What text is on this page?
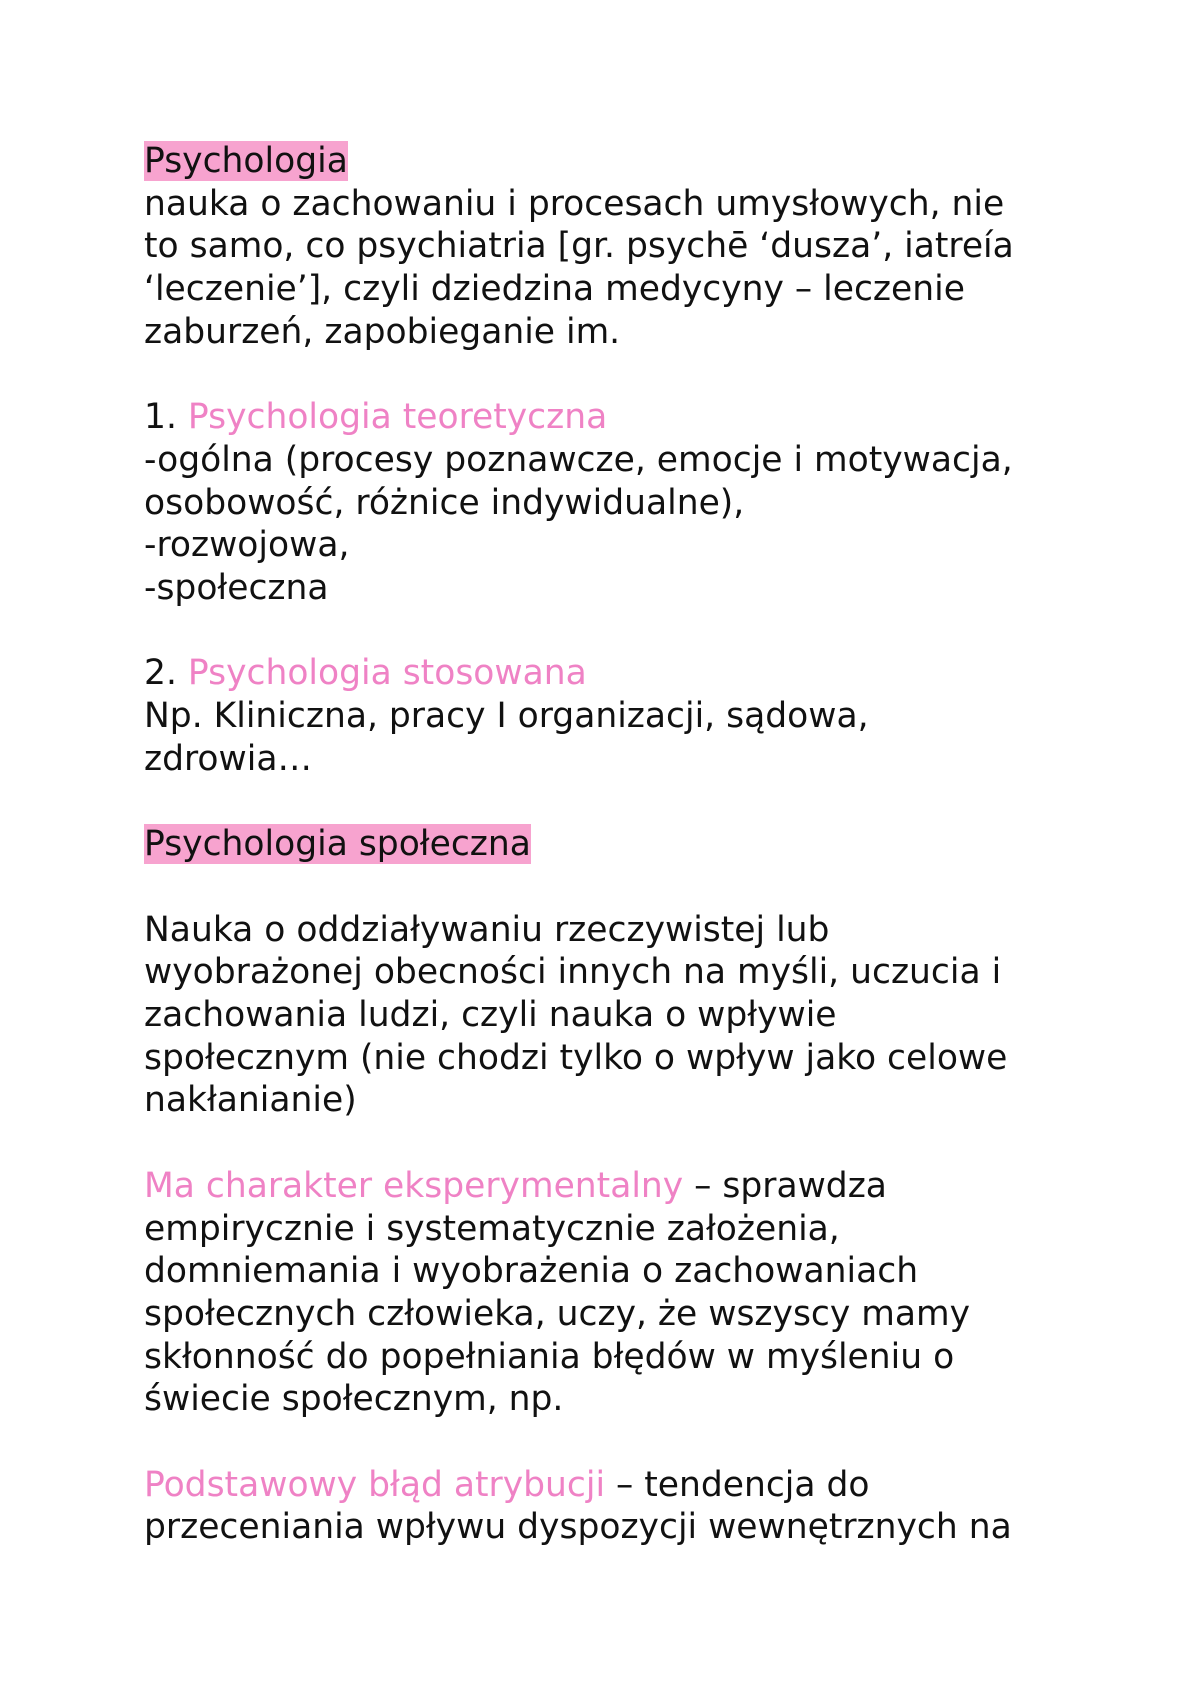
Psychologia
nauka o zachowaniu i procesach umysłowych, nie
to samo, co psychiatria [gr. psychē ‘dusza’, iatreía
‘leczenie’], czyli dziedzina medycyny – leczenie
zaburzeń, zapobieganie im.
1. Psychologia teoretyczna
-ogólna (procesy poznawcze, emocje i motywacja,
osobowość, różnice indywidualne),
-rozwojowa,
-społeczna
2. Psychologia stosowana
Np. Kliniczna, pracy I organizacji, sądowa,
zdrowia…
Psychologia społeczna
Nauka o oddziaływaniu rzeczywistej lub
wyobrażonej obecności innych na myśli, uczucia i
zachowania ludzi, czyli nauka o wpływie
społecznym (nie chodzi tylko o wpływ jako celowe
nakłanianie)
Ma charakter eksperymentalny – sprawdza
empirycznie i systematycznie założenia,
domniemania i wyobrażenia o zachowaniach
społecznych człowieka, uczy, że wszyscy mamy
skłonność do popełniania błędów w myśleniu o
świecie społecznym, np.
Podstawowy błąd atrybucji – tendencja do
przeceniania wpływu dyspozycji wewnętrznych na
